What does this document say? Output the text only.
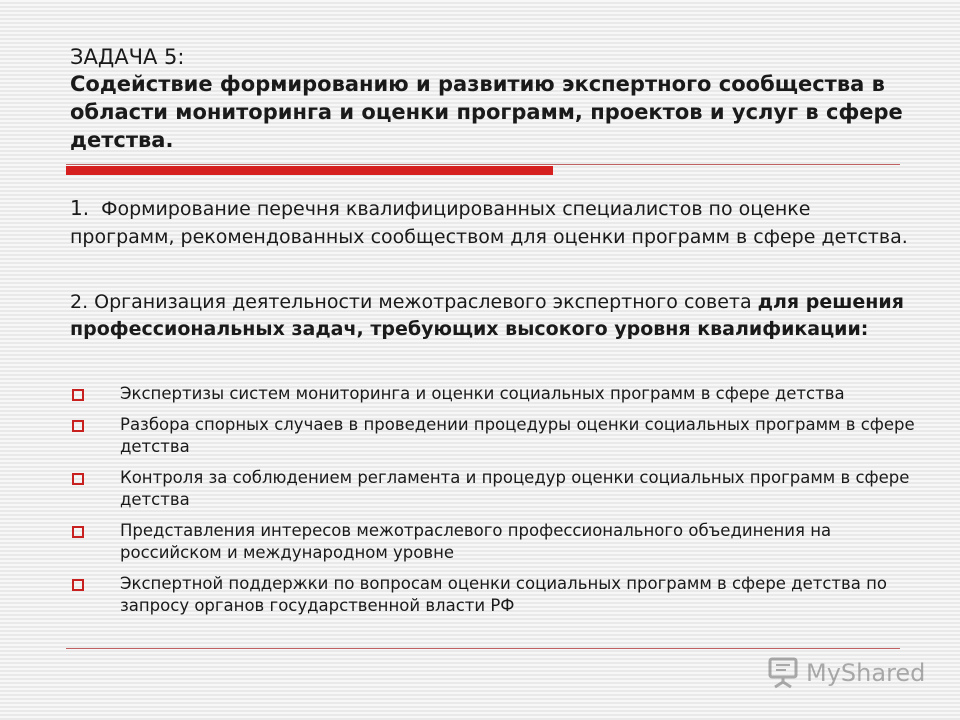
ЗАДАЧА 5:
Содействие формированию и развитию экспертного сообщества в области мониторинга и оценки программ, проектов и услуг в сфере детства.
1. Формирование перечня квалифицированных специалистов по оценке программ, рекомендованных сообществом для оценки программ в сфере детства.
2. Организация деятельности межотраслевого экспертного совета для решения профессиональных задач, требующих высокого уровня квалификации:
Экспертизы систем мониторинга и оценки социальных программ в сфере детства
Разбора спорных случаев в проведении процедуры оценки социальных программ в сфере детства
Контроля за соблюдением регламента и процедур оценки социальных программ в сфере детства
Представления интересов межотраслевого профессионального объединения на российском и международном уровне
Экспертной поддержки по вопросам оценки социальных программ в сфере детства по запросу органов государственной власти РФ
MyShared
